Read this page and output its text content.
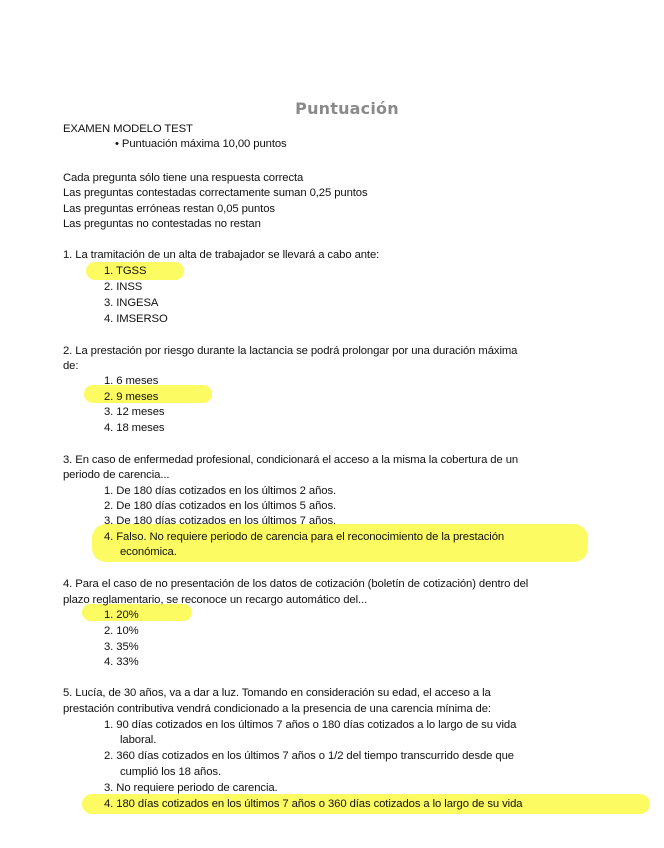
Puntuación
EXAMEN MODELO TEST
• Puntuación máxima 10,00 puntos
Cada pregunta sólo tiene una respuesta correcta
Las preguntas contestadas correctamente suman 0,25 puntos
Las preguntas erróneas restan 0,05 puntos
Las preguntas no contestadas no restan
1. La tramitación de un alta de trabajador se llevará a cabo ante:
1. TGSS
2. INSS
3. INGESA
4. IMSERSO
2. La prestación por riesgo durante la lactancia se podrá prolongar por una duración máxima
de:
1. 6 meses
2. 9 meses
3. 12 meses
4. 18 meses
3. En caso de enfermedad profesional, condicionará el acceso a la misma la cobertura de un
periodo de carencia...
1. De 180 días cotizados en los últimos 2 años.
2. De 180 días cotizados en los últimos 5 años.
3. De 180 días cotizados en los últimos 7 años.
4. Falso. No requiere periodo de carencia para el reconocimiento de la prestación
económica.
4. Para el caso de no presentación de los datos de cotización (boletín de cotización) dentro del
plazo reglamentario, se reconoce un recargo automático del...
1. 20%
2. 10%
3. 35%
4. 33%
5. Lucía, de 30 años, va a dar a luz. Tomando en consideración su edad, el acceso a la
prestación contributiva vendrá condicionado a la presencia de una carencia mínima de:
1. 90 días cotizados en los últimos 7 años o 180 días cotizados a lo largo de su vida
laboral.
2. 360 días cotizados en los últimos 7 años o 1/2 del tiempo transcurrido desde que
cumplió los 18 años.
3. No requiere periodo de carencia.
4. 180 días cotizados en los últimos 7 años o 360 días cotizados a lo largo de su vida
